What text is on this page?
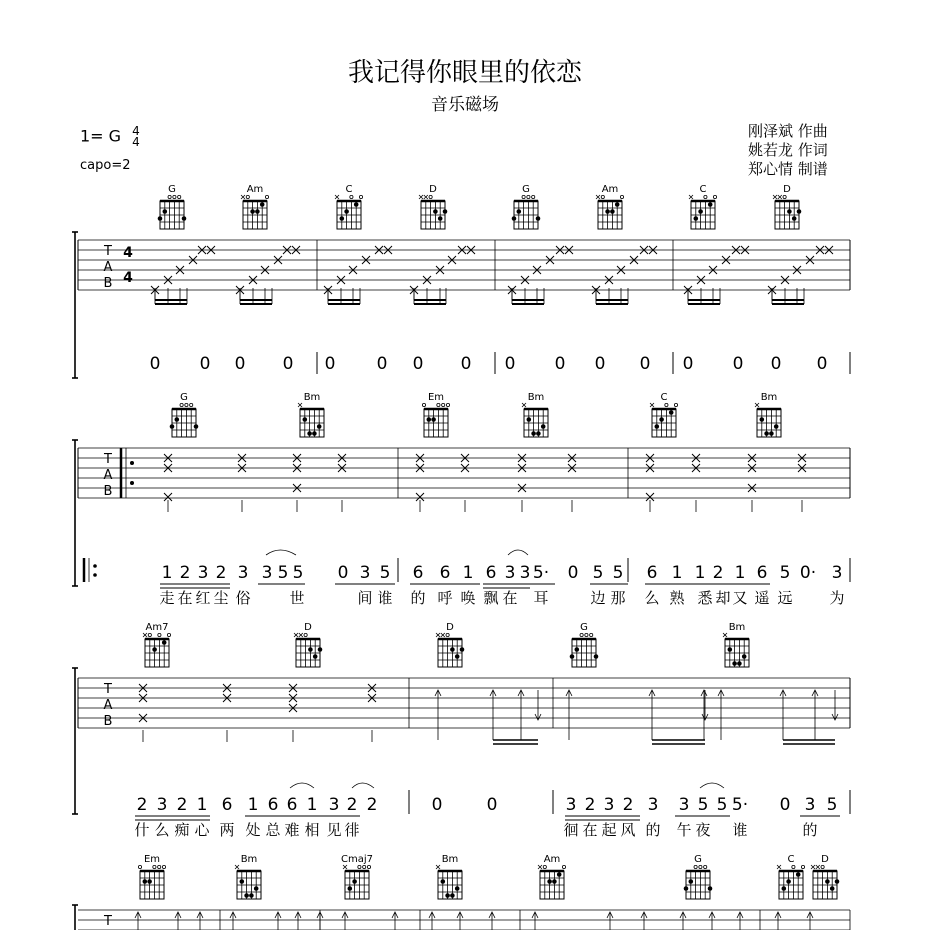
我记得你眼里的依恋
音乐磁场
1= G 4
4
capo=2
刚泽斌 作曲
姚若龙 作词
郑心情 制谱
G	Am	C	D	G	Am	C	D
T
A
B
4
4
0 0 0 0 0 0 0 0 0 0 0 0 0 0 0 0
G	Bm	Em	Bm	C	Bm
T
A
B
1 2 3 2 3 3 5 5 0 3 5 6 6 1 6 3 3 5· 0 5 5 6 1 1 2 1 6 5 0· 3
走 在 红 尘 俗	世	间 谁 的 呼 唤 飘 在 耳	边 那 么 熟 悉 却 又 遥 远 为
Am7	D	D	G	Bm
T
A
B
2 3 2 1 6 1 6 6 1 3 2 2	0	0	3 2 3 2 3 3 5 5 5· 0 3 5
什 么 痴 心 两 处 总 难 相 见 徘	徊 在 起 风 的 午 夜 谁	的
Em	Bm	Cmaj7	Bm	Am	G	C	D
T
